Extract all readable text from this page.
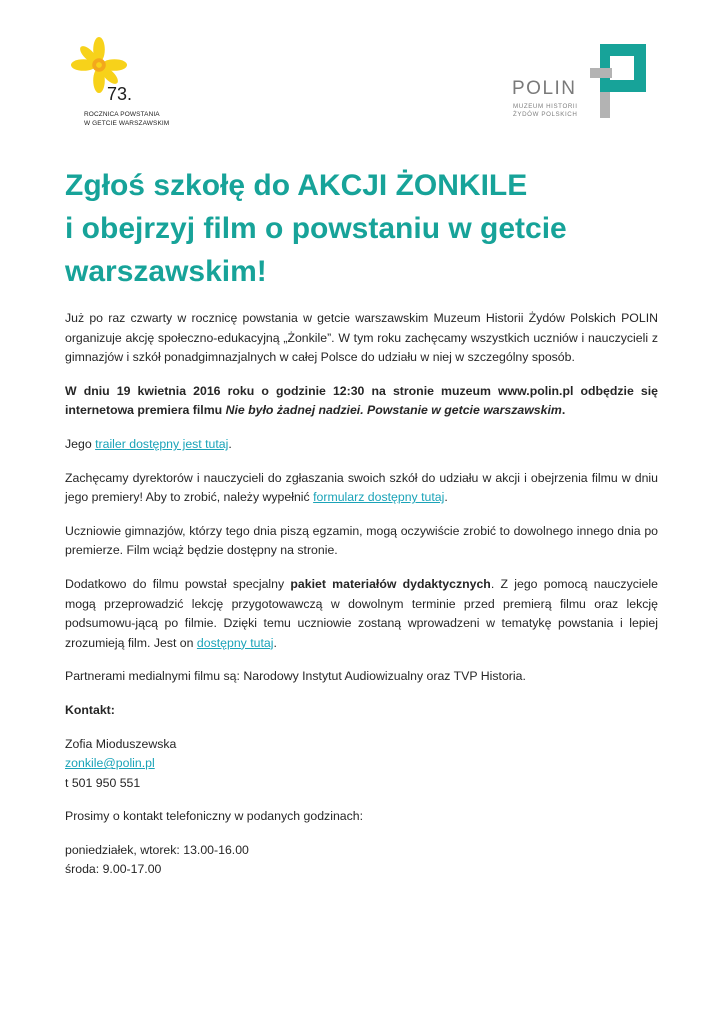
73.
ROCZNICA POWSTANIA
W GETCIE WARSZAWSKIM
POLIN
MUZEUM HISTORII
ŻYDÓW POLSKICH
Zgłoś szkołę do AKCJI ŻONKILE
i obejrzyj film o powstaniu w getcie
warszawskim!

Już po raz czwarty w rocznicę powstania w getcie warszawskim Muzeum Historii Żydów Polskich POLIN organizuje akcję społeczno-edukacyjną „Żonkile”. W tym roku zachęcamy wszystkich uczniów i nauczycieli z gimnazjów i szkół ponadgimnazjalnych w całej Polsce do udziału w niej w szczególny sposób.

W dniu 19 kwietnia 2016 roku o godzinie 12:30 na stronie muzeum www.polin.pl odbędzie się internetowa premiera filmu Nie było żadnej nadziei. Powstanie w getcie warszawskim.

Jego trailer dostępny jest tutaj.

Zachęcamy dyrektorów i nauczycieli do zgłaszania swoich szkół do udziału w akcji i obejrzenia filmu w dniu jego premiery! Aby to zrobić, należy wypełnić formularz dostępny tutaj.

Uczniowie gimnazjów, którzy tego dnia piszą egzamin, mogą oczywiście zrobić to dowolnego innego dnia po premierze. Film wciąż będzie dostępny na stronie.

Dodatkowo do filmu powstał specjalny pakiet materiałów dydaktycznych. Z jego pomocą nauczyciele mogą przeprowadzić lekcję przygotowawczą w dowolnym terminie przed premierą filmu oraz lekcję podsumowu-jącą po filmie. Dzięki temu uczniowie zostaną wprowadzeni w tematykę powstania i lepiej zrozumieją film. Jest on dostępny tutaj.

Partnerami medialnymi filmu są: Narodowy Instytut Audiowizualny oraz TVP Historia.

Kontakt:

Zofia Mioduszewska
zonkile@polin.pl
t 501 950 551

Prosimy o kontakt telefoniczny w podanych godzinach:

poniedziałek, wtorek: 13.00-16.00
środa: 9.00-17.00
